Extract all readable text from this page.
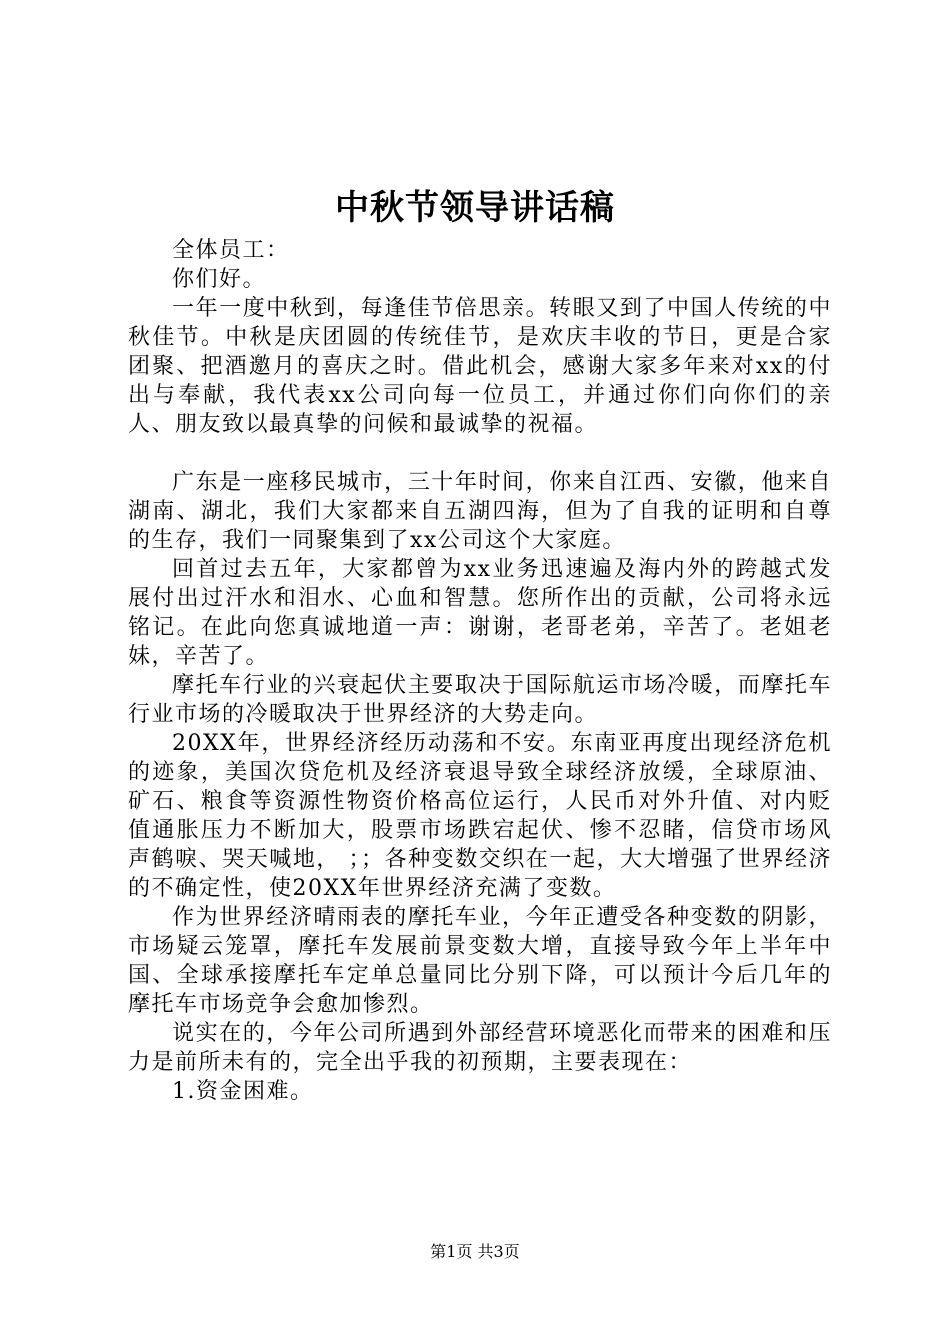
中秋节领导讲话稿

全体员工：

你们好。

一年一度中秋到，每逢佳节倍思亲。转眼又到了中国人传统的中秋佳节。中秋是庆团圆的传统佳节，是欢庆丰收的节日，更是合家团聚、把酒邀月的喜庆之时。借此机会，感谢大家多年来对xx的付出与奉献，我代表xx公司向每一位员工，并通过你们向你们的亲人、朋友致以最真挚的问候和最诚挚的祝福。

广东是一座移民城市，三十年时间，你来自江西、安徽，他来自湖南、湖北，我们大家都来自五湖四海，但为了自我的证明和自尊的生存，我们一同聚集到了xx公司这个大家庭。

回首过去五年，大家都曾为xx业务迅速遍及海内外的跨越式发展付出过汗水和泪水、心血和智慧。您所作出的贡献，公司将永远铭记。在此向您真诚地道一声：谢谢，老哥老弟，辛苦了。老姐老妹，辛苦了。

摩托车行业的兴衰起伏主要取决于国际航运市场冷暖，而摩托车行业市场的冷暖取决于世界经济的大势走向。

20XX年，世界经济经历动荡和不安。东南亚再度出现经济危机的迹象，美国次贷危机及经济衰退导致全球经济放缓，全球原油、矿石、粮食等资源性物资价格高位运行，人民币对外升值、对内贬值通胀压力不断加大，股票市场跌宕起伏、惨不忍睹，信贷市场风声鹤唳、哭天喊地， ；；各种变数交织在一起，大大增强了世界经济的不确定性，使20XX年世界经济充满了变数。

作为世界经济晴雨表的摩托车业，今年正遭受各种变数的阴影，市场疑云笼罩，摩托车发展前景变数大增，直接导致今年上半年中国、全球承接摩托车定单总量同比分别下降，可以预计今后几年的摩托车市场竞争会愈加惨烈。

说实在的，今年公司所遇到外部经营环境恶化而带来的困难和压力是前所未有的，完全出乎我的初预期，主要表现在：

1.资金困难。

第1页 共3页
